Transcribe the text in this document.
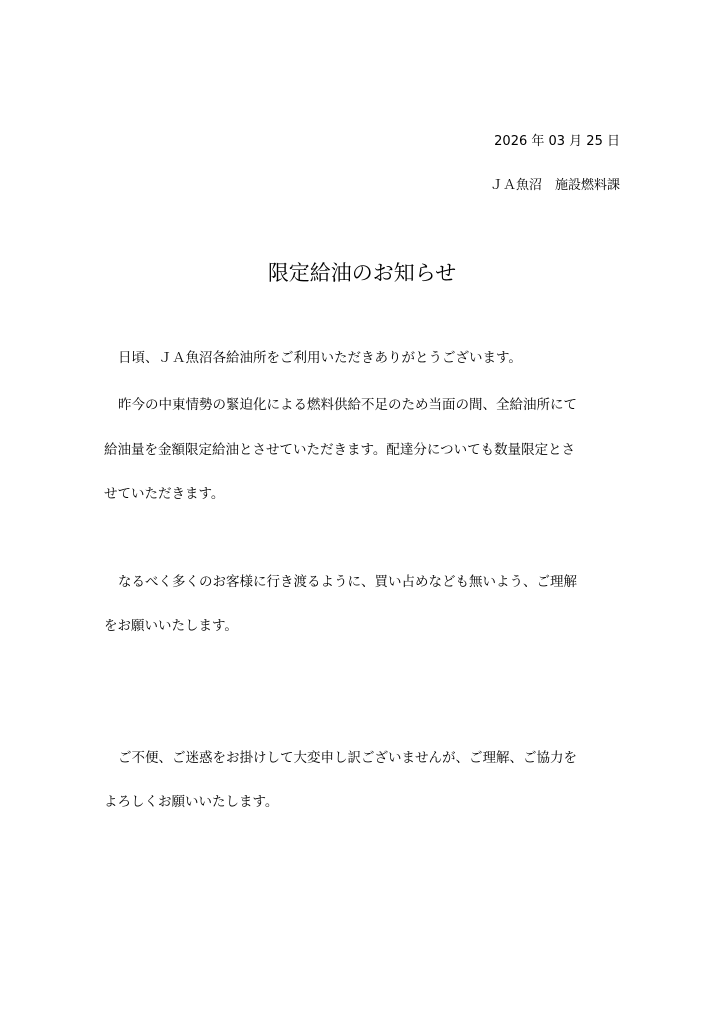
2026 年 03 月 25 日
ＪＡ魚沼　施設燃料課
限定給油のお知らせ
日頃、ＪＡ魚沼各給油所をご利用いただきありがとうございます。
昨今の中東情勢の緊迫化による燃料供給不足のため当面の間、全給油所にて
給油量を金額限定給油とさせていただきます。配達分についても数量限定とさ
せていただきます。
なるべく多くのお客様に行き渡るように、買い占めなども無いよう、ご理解
をお願いいたします。
ご不便、ご迷惑をお掛けして大変申し訳ございませんが、ご理解、ご協力を
よろしくお願いいたします。
